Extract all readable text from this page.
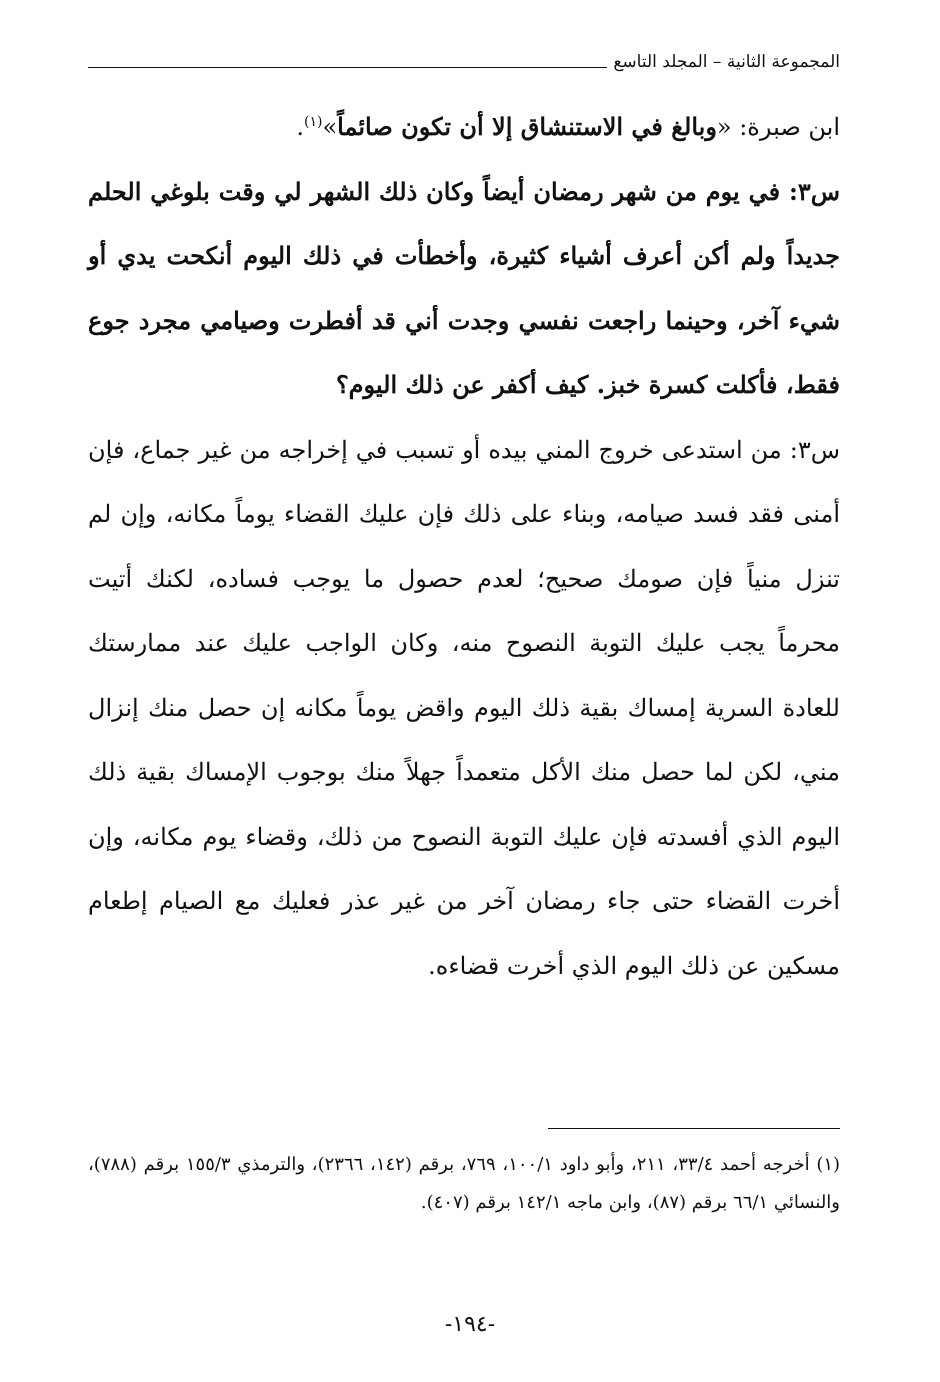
المجموعة الثانية – المجلد التاسع

ابن صبرة: «وبالغ في الاستنشاق إلا أن تكون صائماً»$^{(١)}$.

س٣: في يوم من شهر رمضان أيضاً وكان ذلك الشهر لي وقت بلوغي الحلم جديداً ولم أكن أعرف أشياء كثيرة، وأخطأت في ذلك اليوم أنكحت يدي أو شيء آخر، وحينما راجعت نفسي وجدت أني قد أفطرت وصيامي مجرد جوع فقط، فأكلت كسرة خبز. كيف أكفر عن ذلك اليوم؟

س٣: من استدعى خروج المني بيده أو تسبب في إخراجه من غير جماع، فإن أمنى فقد فسد صيامه، وبناء على ذلك فإن عليك القضاء يوماً مكانه، وإن لم تنزل منياً فإن صومك صحيح؛ لعدم حصول ما يوجب فساده، لكنك أتيت محرماً يجب عليك التوبة النصوح منه، وكان الواجب عليك عند ممارستك للعادة السرية إمساك بقية ذلك اليوم واقض يوماً مكانه إن حصل منك إنزال مني، لكن لما حصل منك الأكل متعمداً جهلاً منك بوجوب الإمساك بقية ذلك اليوم الذي أفسدته فإن عليك التوبة النصوح من ذلك، وقضاء يوم مكانه، وإن أخرت القضاء حتى جاء رمضان آخر من غير عذر فعليك مع الصيام إطعام مسكين عن ذلك اليوم الذي أخرت قضاءه.

(١) أخرجه أحمد ٣٣/٤، ٢١١، وأبو داود ١٠٠/١، ٧٦٩، برقم (١٤٢، ٢٣٦٦)، والترمذي ١٥٥/٣ برقم (٧٨٨)، والنسائي ٦٦/١ برقم (٨٧)، وابن ماجه ١٤٢/١ برقم (٤٠٧).

-١٩٤-
